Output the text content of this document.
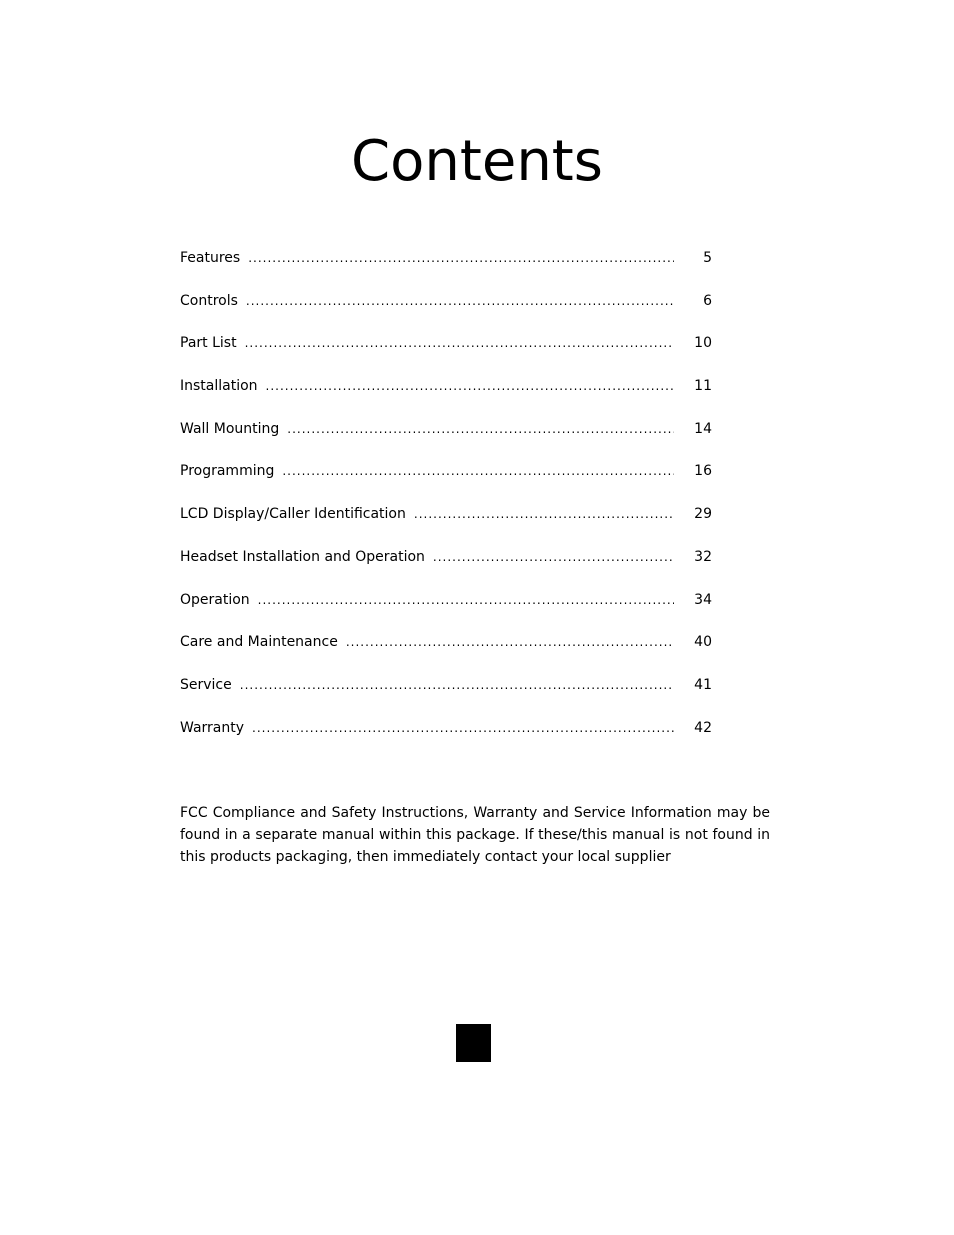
Contents
Features .....	5
Controls .....	6
Part List .....	10
Installation .....	11
Wall Mounting .....	14
Programming .....	16
LCD Display/Caller Identification .....	29
Headset Installation and Operation .....	32
Operation .....	34
Care and Maintenance .....	40
Service .....	41
Warranty .....	42

FCC Compliance and Safety Instructions, Warranty and Service Information may be found in a separate manual within this package. If these/this manual is not found in this products packaging, then immediately contact your local supplier
